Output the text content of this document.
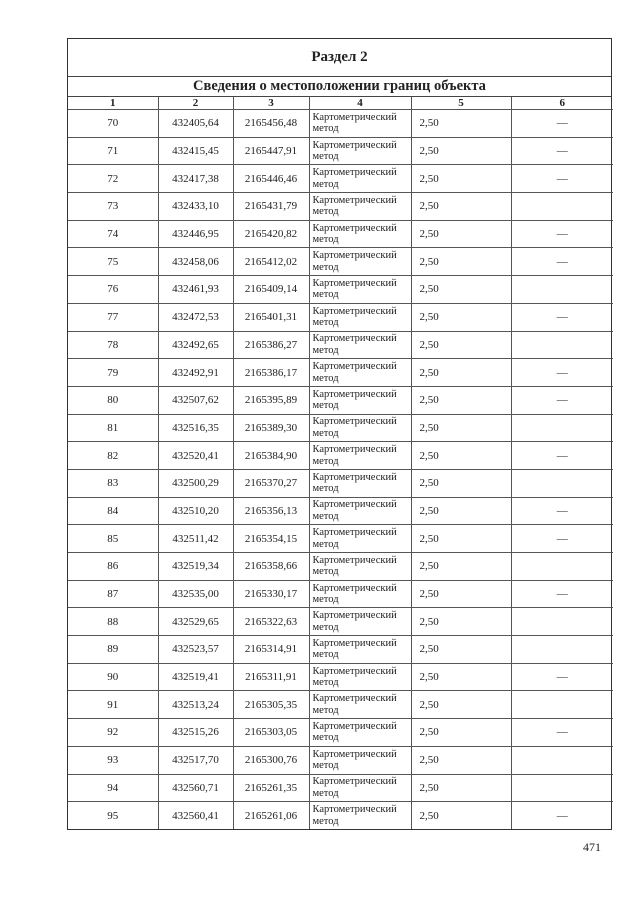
Раздел 2
Сведения о местоположении границ объекта
1	2	3	4	5	6
70	432405,64	2165456,48	Картометрический метод	2,50	—
71	432415,45	2165447,91	Картометрический метод	2,50	—
72	432417,38	2165446,46	Картометрический метод	2,50	—
73	432433,10	2165431,79	Картометрический метод	2,50	
74	432446,95	2165420,82	Картометрический метод	2,50	—
75	432458,06	2165412,02	Картометрический метод	2,50	—
76	432461,93	2165409,14	Картометрический метод	2,50	
77	432472,53	2165401,31	Картометрический метод	2,50	—
78	432492,65	2165386,27	Картометрический метод	2,50	
79	432492,91	2165386,17	Картометрический метод	2,50	—
80	432507,62	2165395,89	Картометрический метод	2,50	—
81	432516,35	2165389,30	Картометрический метод	2,50	
82	432520,41	2165384,90	Картометрический метод	2,50	—
83	432500,29	2165370,27	Картометрический метод	2,50	
84	432510,20	2165356,13	Картометрический метод	2,50	—
85	432511,42	2165354,15	Картометрический метод	2,50	—
86	432519,34	2165358,66	Картометрический метод	2,50	
87	432535,00	2165330,17	Картометрический метод	2,50	—
88	432529,65	2165322,63	Картометрический метод	2,50	
89	432523,57	2165314,91	Картометрический метод	2,50	
90	432519,41	2165311,91	Картометрический метод	2,50	—
91	432513,24	2165305,35	Картометрический метод	2,50	
92	432515,26	2165303,05	Картометрический метод	2,50	—
93	432517,70	2165300,76	Картометрический метод	2,50	
94	432560,71	2165261,35	Картометрический метод	2,50	
95	432560,41	2165261,06	Картометрический метод	2,50	—
471
